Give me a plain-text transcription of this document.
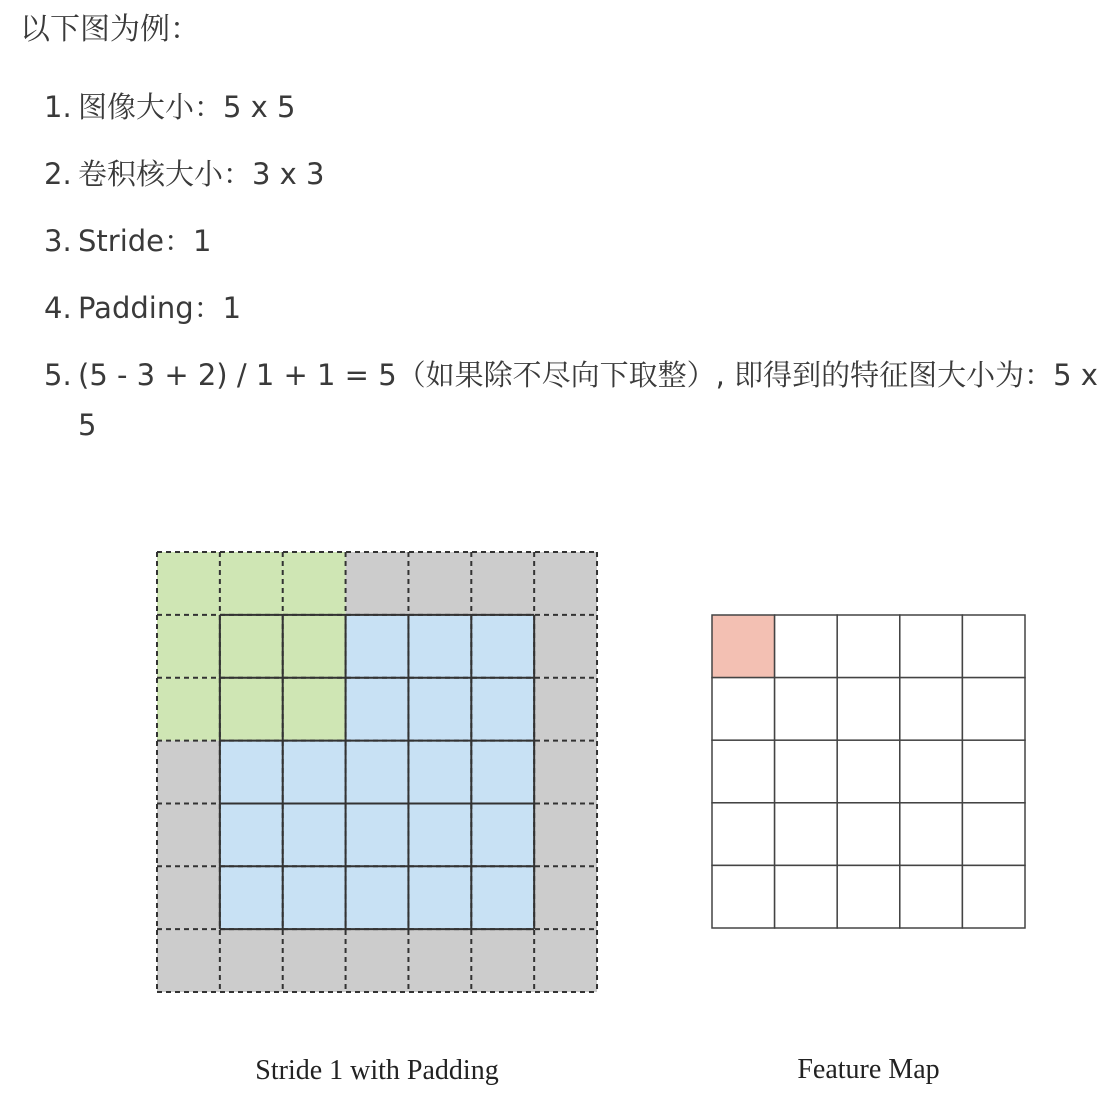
以下图为例：

1. 图像大小：5 x 5
2. 卷积核大小：3 x 3
3. Stride：1
4. Padding：1
5. (5 - 3 + 2) / 1 + 1 = 5（如果除不尽向下取整）, 即得到的特征图大小为：5 x 5
Stride 1 with Padding	Feature Map
